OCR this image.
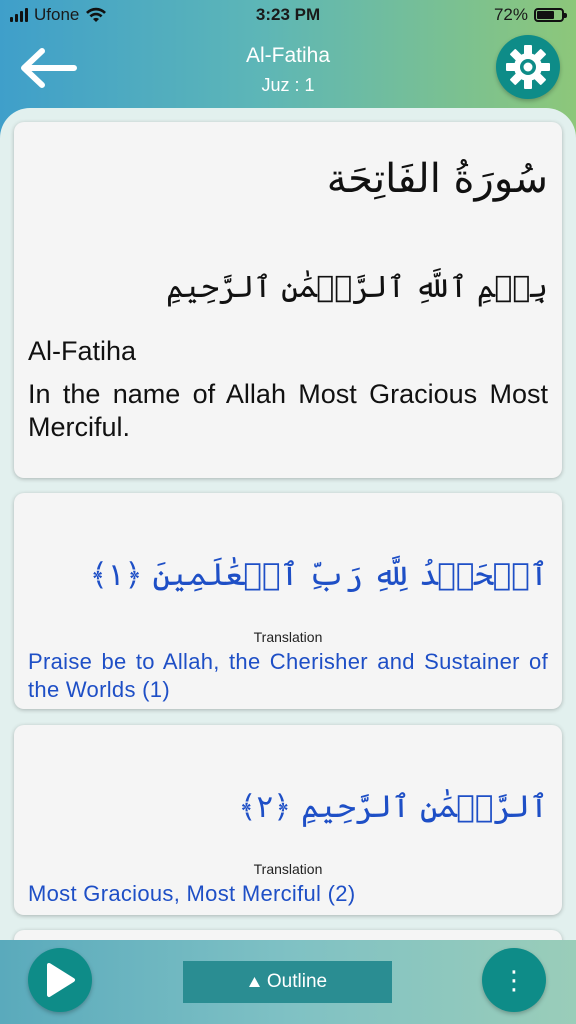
Ufone	3:23 PM	72%
Al-Fatiha
Juz : 1
سُورَةُ الفَاتِحَة
بِسۡمِ ٱللَّهِ ٱلرَّحۡمَٰنِ ٱلرَّحِيمِ
Al-Fatiha
In the name of Allah Most Gracious Most Merciful.
ٱلۡحَمۡدُ لِلَّهِ رَبِّ ٱلۡعَٰلَمِينَ ﴿١﴾
Translation
Praise be to Allah, the Cherisher and Sustainer of the Worlds (1)
ٱلرَّحۡمَٰنِ ٱلرَّحِيمِ ﴿٢﴾
Translation
Most Gracious, Most Merciful (2)
Outline	⋮
